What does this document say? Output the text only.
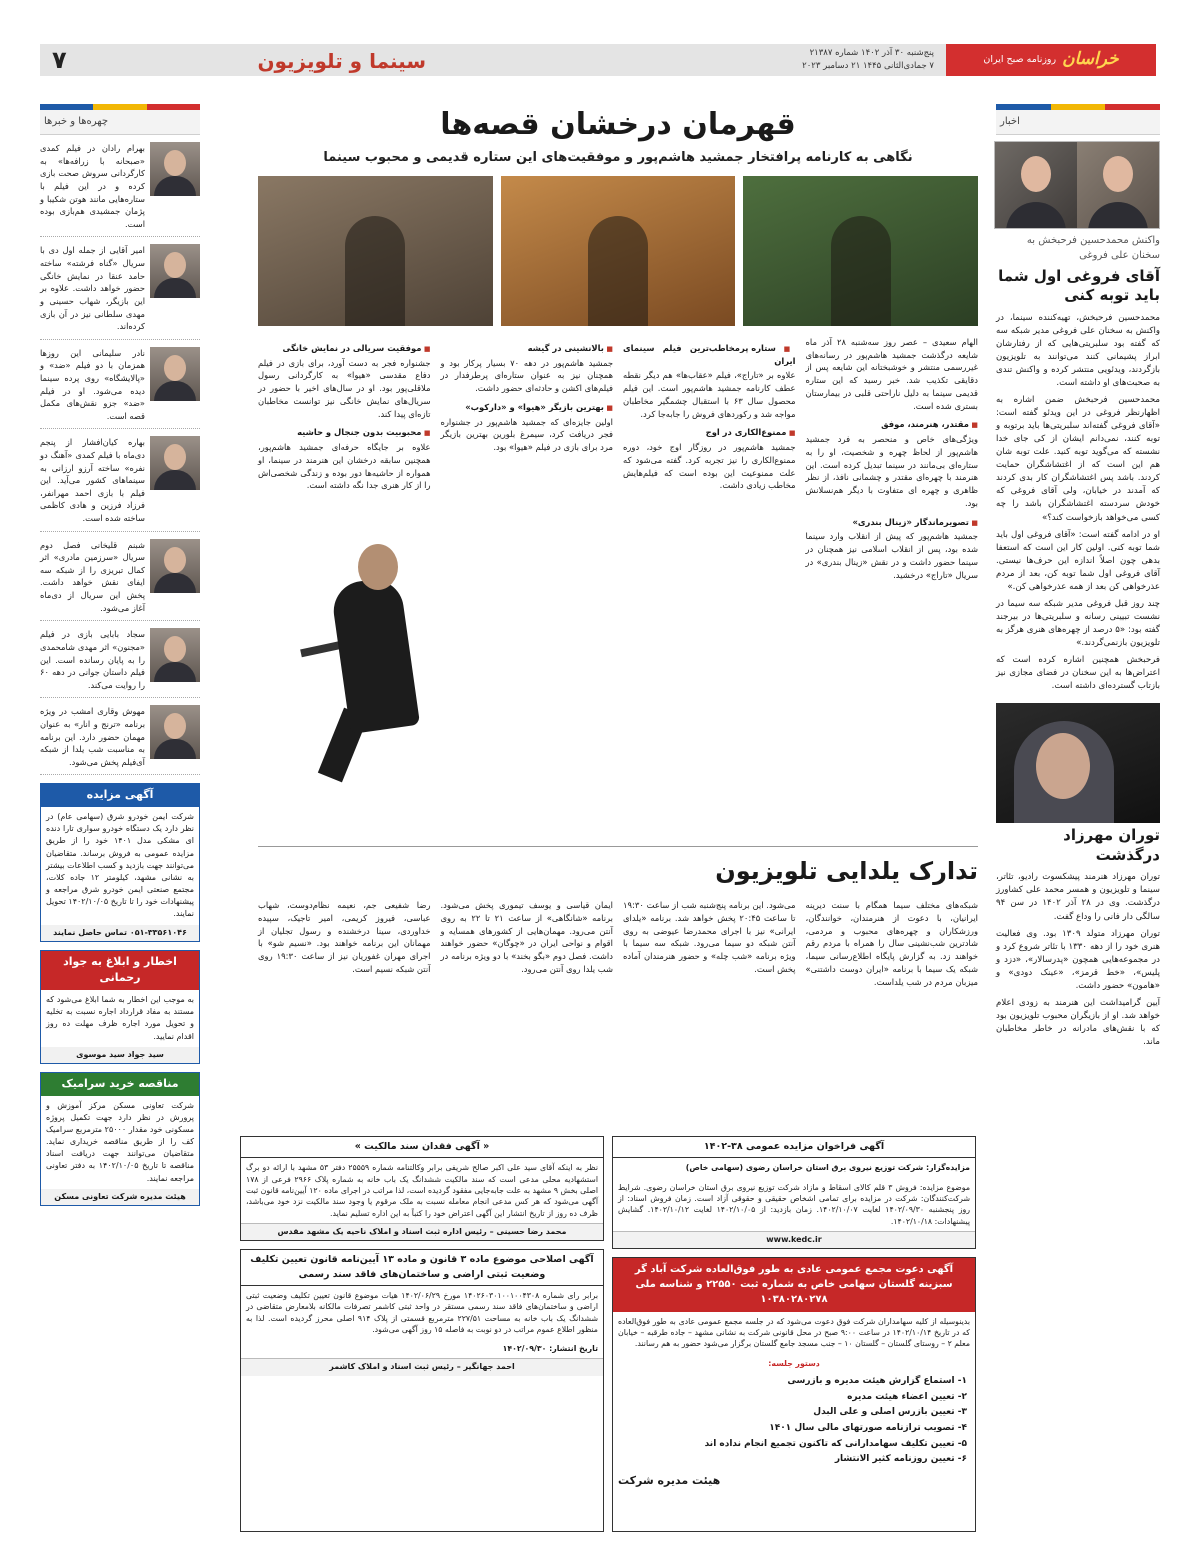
خراسان
روزنامه صبح ایران
پنج‌شنبه ۳۰ آذر ۱۴۰۲ شماره ۲۱۳۸۷
۷ جمادی‌الثانی ۱۴۴۵ ۲۱ دسامبر ۲۰۲۳
سینما و تلویزیون
۷
اخبار
واکنش محمدحسین فرحبخش به سخنان علی فروغی
آقای فروغی اول شما باید توبه کنی

محمدحسین فرحبخش، تهیه‌کننده سینما، در واکنش به سخنان علی فروغی مدیر شبکه سه که گفته بود سلبریتی‌هایی که از رفتارشان ابراز پشیمانی کنند می‌توانند به تلویزیون بازگردند، ویدئویی منتشر کرده و واکنش تندی به صحبت‌های او داشته است.

محمدحسین فرحبخش ضمن اشاره به اظهارنظر فروغی در این ویدئو گفته است: «آقای فروغی گفته‌اند سلبریتی‌ها باید برتوبه و توبه کنند، نمی‌دانم ایشان از کی جای خدا نشسته که می‌گوید توبه کنید. علت توبه شان هم این است که از اغتشاشگران حمایت کردند. باشد پس اغتشاشگران کار بدی کردند که آمدند در خیابان، ولی آقای فروغی که خودش سردسته اغتشاشگران باشد را چه کسی می‌خواهد بازخواست کند؟»

او در ادامه گفته است: «آقای فروغی اول باید شما توبه کنی. اولین کار این است که استعفا بدهی چون اصلاً اندازه این حرف‌ها نیستی. آقای فروغی اول شما توبه کن، بعد از مردم عذرخواهی کن بعد از همه عذرخواهی کن.»

چند روز قبل فروغی مدیر شبکه سه سیما در نشست تبیینی رسانه و سلبریتی‌ها در بیرجند گفته بود: «۵ درصد از چهره‌های هنری هرگز به تلویزیون بازنمی‌گردند.»

فرحبخش همچنین اشاره کرده است که اعتراض‌ها به این سخنان در فضای مجازی نیز بازتاب گسترده‌ای داشته است.

توران مهرزاد درگذشت

توران مهرزاد هنرمند پیشکسوت رادیو، تئاتر، سینما و تلویزیون و همسر محمد علی کشاورز درگذشت. وی در ۲۸ آذر ۱۴۰۲ در سن ۹۴ سالگی دار فانی را وداع گفت.

توران مهرزاد متولد ۱۳۰۹ بود. وی فعالیت هنری خود را از دهه ۱۳۳۰ با تئاتر شروع کرد و در مجموعه‌هایی همچون «پدرسالار»، «دزد و پلیس»، «خط قرمز»، «عینک دودی» و «هامون» حضور داشت.

آیین گرامیداشت این هنرمند به زودی اعلام خواهد شد. او از بازیگران محبوب تلویزیون بود که با نقش‌های مادرانه در خاطر مخاطبان ماند.

چهره‌ها و خبرها
بهرام رادان در فیلم کمدی «صبحانه با زرافه‌ها» به کارگردانی سروش صحت بازی کرده و در این فیلم با ستاره‌هایی مانند هوتن شکیبا و پژمان جمشیدی هم‌بازی بوده است.
امیر آقایی از جمله اول دی با سریال «گناه فرشته» ساخته حامد عنقا در نمایش خانگی حضور خواهد داشت. علاوه بر این بازیگر، شهاب حسینی و مهدی سلطانی نیز در آن بازی کرده‌اند.
نادر سلیمانی این روزها همزمان با دو فیلم «ضد» و «پالایشگاه» روی پرده سینما دیده می‌شود. او در فیلم «ضد» جزو نقش‌های مکمل قصه است.
بهاره کیان‌افشار از پنجم دی‌ماه با فیلم کمدی «آهنگ دو نفره» ساخته آرزو ارزانی به سینماهای کشور می‌آید. این فیلم با بازی احمد مهرانفر، فرزاد فرزین و هادی کاظمی ساخته شده است.
شبنم قلیخانی فصل دوم سریال «سرزمین مادری» اثر کمال تبریزی را از شبکه سه ایفای نقش خواهد داشت. پخش این سریال از دی‌ماه آغاز می‌شود.
سجاد بابایی بازی در فیلم «مجنون» اثر مهدی شامحمدی را به پایان رسانده است. این فیلم داستان جوانی در دهه ۶۰ را روایت می‌کند.
مهوش وقاری امشب در ویژه برنامه «ترنج و انار» به عنوان مهمان حضور دارد. این برنامه به مناسبت شب یلدا از شبکه آی‌فیلم پخش می‌شود.
آگهی مزایده
شرکت ایمن خودرو شرق (سهامی عام) در نظر دارد یک دستگاه خودرو سواری تارا دنده ای مشکی مدل ۱۴۰۱ خود را از طریق مزایده عمومی به فروش برساند. متقاضیان می‌توانند جهت بازدید و کسب اطلاعات بیشتر به نشانی مشهد، کیلومتر ۱۲ جاده کلات، مجتمع صنعتی ایمن خودرو شرق مراجعه و پیشنهادات خود را تا تاریخ ۱۴۰۲/۱۰/۰۵ تحویل نمایند.
۰۵۱-۳۳۵۶۱۰۴۶ تماس حاصل نمایند
اخطار و ابلاغ به جواد رحمانی
به موجب این اخطار به شما ابلاغ می‌شود که مستند به مفاد قرارداد اجاره نسبت به تخلیه و تحویل مورد اجاره ظرف مهلت ده روز اقدام نمایید.
سید جواد سید موسوی
مناقصه خرید سرامیک
شرکت تعاونی مسکن مرکز آموزش و پرورش در نظر دارد جهت تکمیل پروژه مسکونی خود مقدار ۲۵۰۰۰ مترمربع سرامیک کف را از طریق مناقصه خریداری نماید. متقاضیان می‌توانند جهت دریافت اسناد مناقصه تا تاریخ ۱۴۰۲/۱۰/۰۵ به دفتر تعاونی مراجعه نمایند.
هیئت مدیره شرکت تعاونی مسکن
قهرمان درخشان قصه‌ها
نگاهی به کارنامه پرافتخار جمشید هاشم‌پور و موفقیت‌های این ستاره قدیمی و محبوب سینما

الهام سعیدی – عصر روز سه‌شنبه ۲۸ آذر ماه شایعه درگذشت جمشید هاشم‌پور در رسانه‌های غیررسمی منتشر و خوشبختانه این شایعه پس از دقایقی تکذیب شد. خبر رسید که این ستاره قدیمی سینما به دلیل ناراحتی قلبی در بیمارستان بستری شده است.

■ مقتدر، هنرمند، موفق

ویژگی‌های خاص و منحصر به فرد جمشید هاشم‌پور از لحاظ چهره و شخصیت، او را به ستاره‌ای بی‌مانند در سینما تبدیل کرده است. این هنرمند با چهره‌ای مقتدر و چشمانی نافذ، از نظر ظاهری و چهره ای متفاوت با دیگر هم‌نسلانش بود.

■ تصویرماندگار «زینال بندری»

جمشید هاشم‌پور که پیش از انقلاب وارد سینما شده بود، پس از انقلاب اسلامی نیز همچنان در سینما حضور داشت و در نقش «زینال بندری» در سریال «تاراج» درخشید.

■ ستاره پرمخاطب‌ترین فیلم سینمای ایران

علاوه بر «تاراج»، فیلم «عقاب‌ها» هم دیگر نقطه عطف کارنامه جمشید هاشم‌پور است. این فیلم محصول سال ۶۳ با استقبال چشمگیر مخاطبان مواجه شد و رکوردهای فروش را جابه‌جا کرد.

■ ممنوع‌الکاری در اوج

جمشید هاشم‌پور در روزگار اوج خود، دوره ممنوع‌الکاری را نیز تجربه کرد. گفته می‌شود که علت ممنوعیت این بوده است که فیلم‌هایش مخاطب زیادی داشت.

■ بالانشینی در گیشه

جمشید هاشم‌پور در دهه ۷۰ بسیار پرکار بود و همچنان نیز به عنوان ستاره‌ای پرطرفدار در فیلم‌های اکشن و حادثه‌ای حضور داشت.

■ بهترین بازیگر «هیوا» و «دارکوب»

اولین جایزه‌ای که جمشید هاشم‌پور در جشنواره فجر دریافت کرد، سیمرغ بلورین بهترین بازیگر مرد برای بازی در فیلم «هیوا» بود.

■ موفقیت سریالی در نمایش خانگی

جشنواره فجر به دست آورد، برای بازی در فیلم دفاع مقدسی «هیوا» به کارگردانی رسول ملاقلی‌پور بود. او در سال‌های اخیر با حضور در سریال‌های نمایش خانگی نیز توانست مخاطبان تازه‌ای پیدا کند.

■ محبوبیت بدون جنجال و حاشیه

علاوه بر جایگاه حرفه‌ای جمشید هاشم‌پور، همچنین سابقه درخشان این هنرمند در سینما، او همواره از حاشیه‌ها دور بوده و زندگی شخصی‌اش را از کار هنری جدا نگه داشته است.

تدارک یلدایی تلویزیون
شبکه‌های مختلف سیما همگام با سنت دیرینه ایرانیان، با دعوت از هنرمندان، خوانندگان، ورزشکاران و چهره‌های محبوب و مردمی، شادترین شب‌نشینی سال را همراه با مردم رقم خواهند زد. به گزارش پایگاه اطلاع‌رسانی سیما، شبکه یک سیما با برنامه «ایران دوست داشتنی» میزبان مردم در شب یلداست.
می‌شود. این برنامه پنج‌شنبه شب از ساعت ۱۹:۳۰ تا ساعت ۲۰:۴۵ پخش خواهد شد. برنامه «یلدای ایرانی» نیز با اجرای محمدرضا عیوضی به روی آنتن شبکه دو سیما می‌رود. شبکه سه سیما با ویژه برنامه «شب چله» و حضور هنرمندان آماده پخش است.
ایمان قیاسی و یوسف تیموری پخش می‌شود. برنامه «شانگاهی» از ساعت ۲۱ تا ۲۲ به روی آنتن می‌رود. مهمان‌هایی از کشورهای همسایه و اقوام و نواحی ایران در «چوگان» حضور خواهند داشت. فصل دوم «بگو بخند» با دو ویژه برنامه در شب یلدا روی آنتن می‌رود.
رضا شفیعی جم، نعیمه نظام‌دوست، شهاب عباسی، فیروز کریمی، امیر تاجیک، سپیده خداوردی، سینا درخشنده و رسول تجلیان از مهمانان این برنامه خواهند بود. «نسیم شو» با اجرای مهران غفوریان نیز از ساعت ۱۹:۳۰ روی آنتن شبکه نسیم است.
آگهی فراخوان مزایده عمومی ۳۸-۱۴۰۲
مزایده‌گزار: شرکت توزیع نیروی برق استان خراسان رضوی (سهامی خاص)
موضوع مزایده: فروش ۳ قلم کالای اسقاط و مازاد شرکت توزیع نیروی برق استان خراسان رضوی. شرایط شرکت‌کنندگان: شرکت در مزایده برای تمامی اشخاص حقیقی و حقوقی آزاد است. زمان فروش اسناد: از روز پنجشنبه ۱۴۰۲/۰۹/۳۰ لغایت ۱۴۰۲/۱۰/۰۷. زمان بازدید: از ۱۴۰۲/۱۰/۰۵ لغایت ۱۴۰۲/۱۰/۱۲. گشایش پیشنهادات: ۱۴۰۲/۱۰/۱۸.
www.kedc.ir
آگهی دعوت مجمع عمومی عادی به طور فوق‌العاده شرکت آباد گر سبزینه گلستان سهامی خاص به شماره ثبت ۲۲۵۵۰ و شناسه ملی ۱۰۳۸۰۲۸۰۲۷۸
بدینوسیله از کلیه سهامداران شرکت فوق دعوت می‌شود که در جلسه مجمع عمومی عادی به طور فوق‌العاده که در تاریخ ۱۴۰۲/۱۰/۱۴ در ساعت ۹:۰۰ صبح در محل قانونی شرکت به نشانی مشهد – جاده طرقبه – خیابان معلم ۲ – روستای گلستان – گلستان ۱۰ – جنب مسجد جامع گلستان برگزار می‌شود حضور به هم رسانند.
دستور جلسه:
۱- استماع گزارش هیئت مدیره و بازرسی
۲- تعیین اعضاء هیئت مدیره
۳- تعیین بازرس اصلی و علی البدل
۴- تصویب ترازنامه صورتهای مالی سال ۱۴۰۱
۵- تعیین تکلیف سهامدارانی که تاکنون تجمیع انجام نداده اند
۶- تعیین روزنامه کثیر الانتشار
هیئت مدیره شرکت
« آگهی فقدان سند مالکیت »
نظر به اینکه آقای سید علی اکبر صالح شریفی برابر وکالتنامه شماره ۲۵۵۵۹ دفتر ۵۳ مشهد با ارائه دو برگ استشهادیه محلی مدعی است که سند مالکیت ششدانگ یک باب خانه به شماره پلاک ۲۹۶۶ فرعی از ۱۷۸ اصلی بخش ۹ مشهد به علت جابه‌جایی مفقود گردیده است، لذا مراتب در اجرای ماده ۱۲۰ آیین‌نامه قانون ثبت آگهی می‌شود که هر کس مدعی انجام معامله نسبت به ملک مرقوم یا وجود سند مالکیت نزد خود می‌باشد، ظرف ده روز از تاریخ انتشار این آگهی اعتراض خود را کتباً به این اداره تسلیم نماید.
محمد رضا حسینی – رئیس اداره ثبت اسناد و املاک ناحیه یک مشهد مقدس
آگهی اصلاحی موضوع ماده ۳ قانون و ماده ۱۳ آیین‌نامه قانون تعیین تکلیف وضعیت ثبتی اراضی و ساختمان‌های فاقد سند رسمی
برابر رای شماره ۱۴۰۲۶۰۳۰۱۰۰۱۰۰۴۳۰۸ مورخ ۱۴۰۲/۰۶/۲۹ هیات موضوع قانون تعیین تکلیف وضعیت ثبتی اراضی و ساختمان‌های فاقد سند رسمی مستقر در واحد ثبتی کاشمر تصرفات مالکانه بلامعارض متقاضی در ششدانگ یک باب خانه به مساحت ۲۲۷/۵۱ مترمربع قسمتی از پلاک ۹۱۴ اصلی محرز گردیده است. لذا به منظور اطلاع عموم مراتب در دو نوبت به فاصله ۱۵ روز آگهی می‌شود.
تاریخ انتشار: ۱۴۰۲/۰۹/۳۰
احمد جهانگیر – رئیس ثبت اسناد و املاک کاشمر
